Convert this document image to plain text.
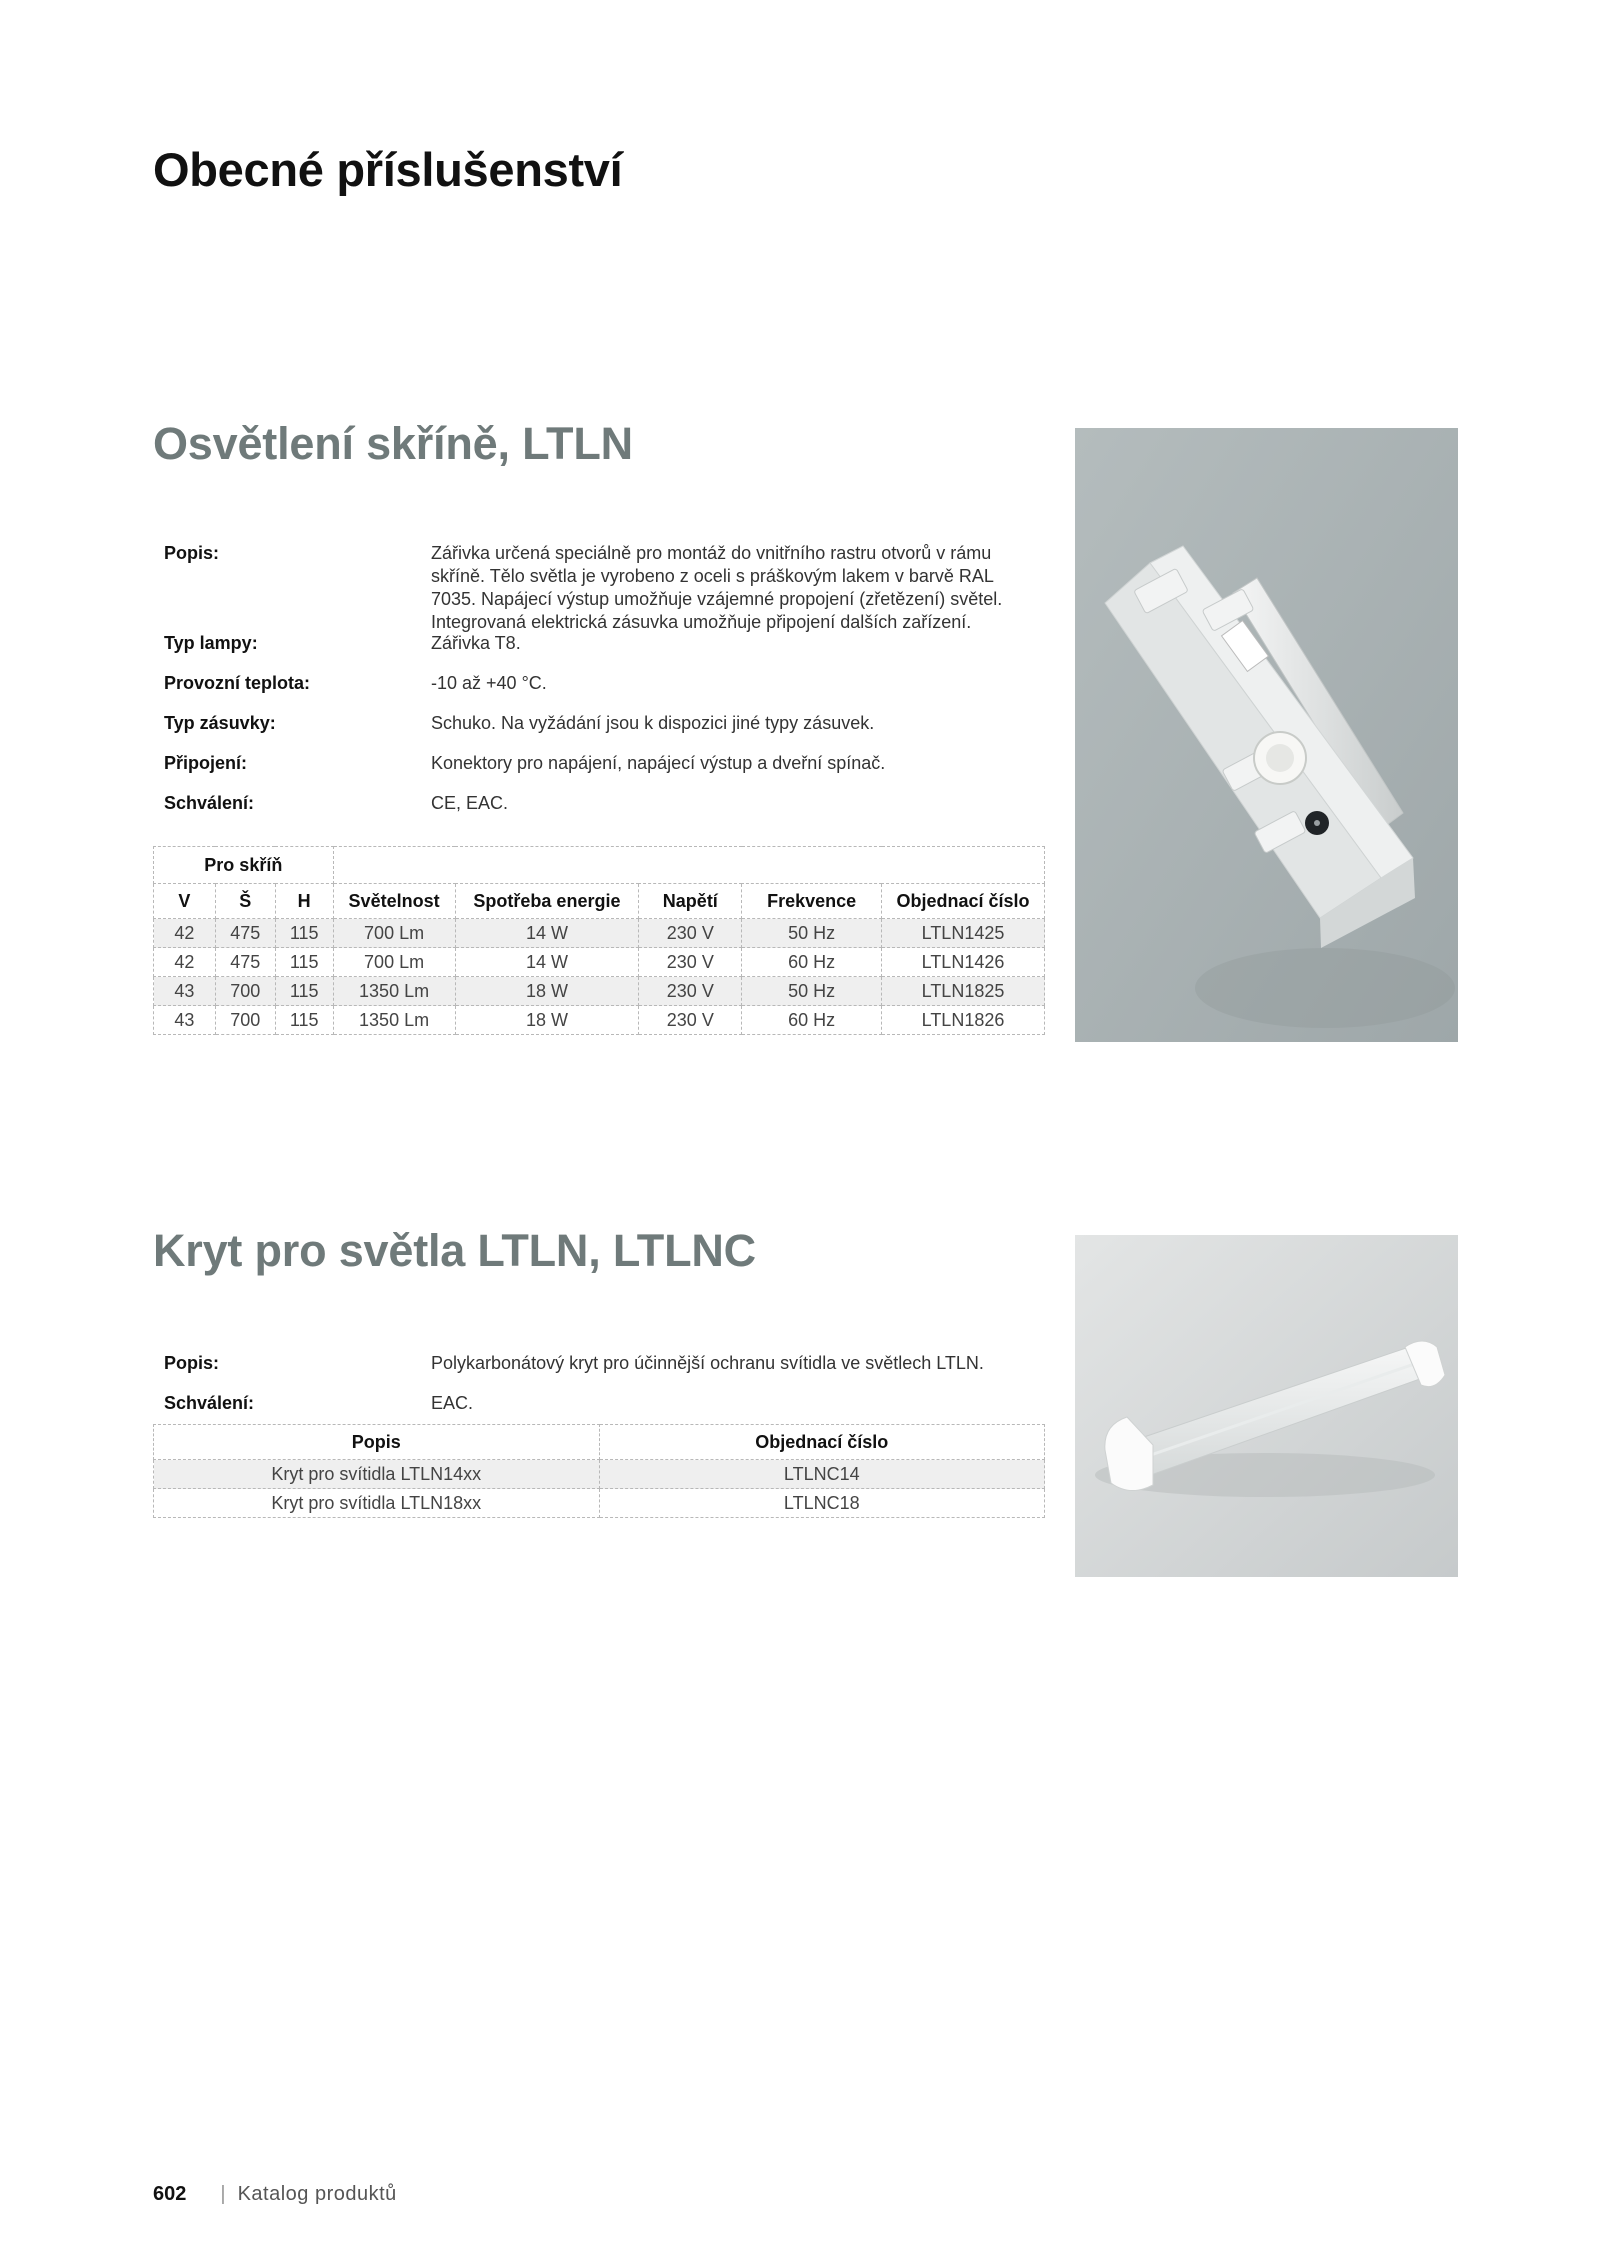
Obecné příslušenství
Osvětlení skříně, LTLN
Popis:	Zářivka určená speciálně pro montáž do vnitřního rastru otvorů v rámu skříně. Tělo světla je vyrobeno z oceli s práškovým lakem v barvě RAL 7035. Napájecí výstup umožňuje vzájemné propojení (zřetězení) světel. Integrovaná elektrická zásuvka umožňuje připojení dalších zařízení.
Typ lampy:	Zářivka T8.
Provozní teplota:	-10 až +40 °C.
Typ zásuvky:	Schuko. Na vyžádání jsou k dispozici jiné typy zásuvek.
Připojení:	Konektory pro napájení, napájecí výstup a dveřní spínač.
Schválení:	CE, EAC.
Pro skříň							
V	Š	H	Světelnost	Spotřeba energie	Napětí	Frekvence	Objednací číslo
42	475	115	700 Lm	14 W	230 V	50 Hz	LTLN1425
42	475	115	700 Lm	14 W	230 V	60 Hz	LTLN1426
43	700	115	1350 Lm	18 W	230 V	50 Hz	LTLN1825
43	700	115	1350 Lm	18 W	230 V	60 Hz	LTLN1826
Kryt pro světla LTLN, LTLNC
Popis:	Polykarbonátový kryt pro účinnější ochranu svítidla ve světlech LTLN.
Schválení:	EAC.
Popis	Objednací číslo
Kryt pro svítidla LTLN14xx	LTLNC14
Kryt pro svítidla LTLN18xx	LTLNC18
602 | Katalog produktů
